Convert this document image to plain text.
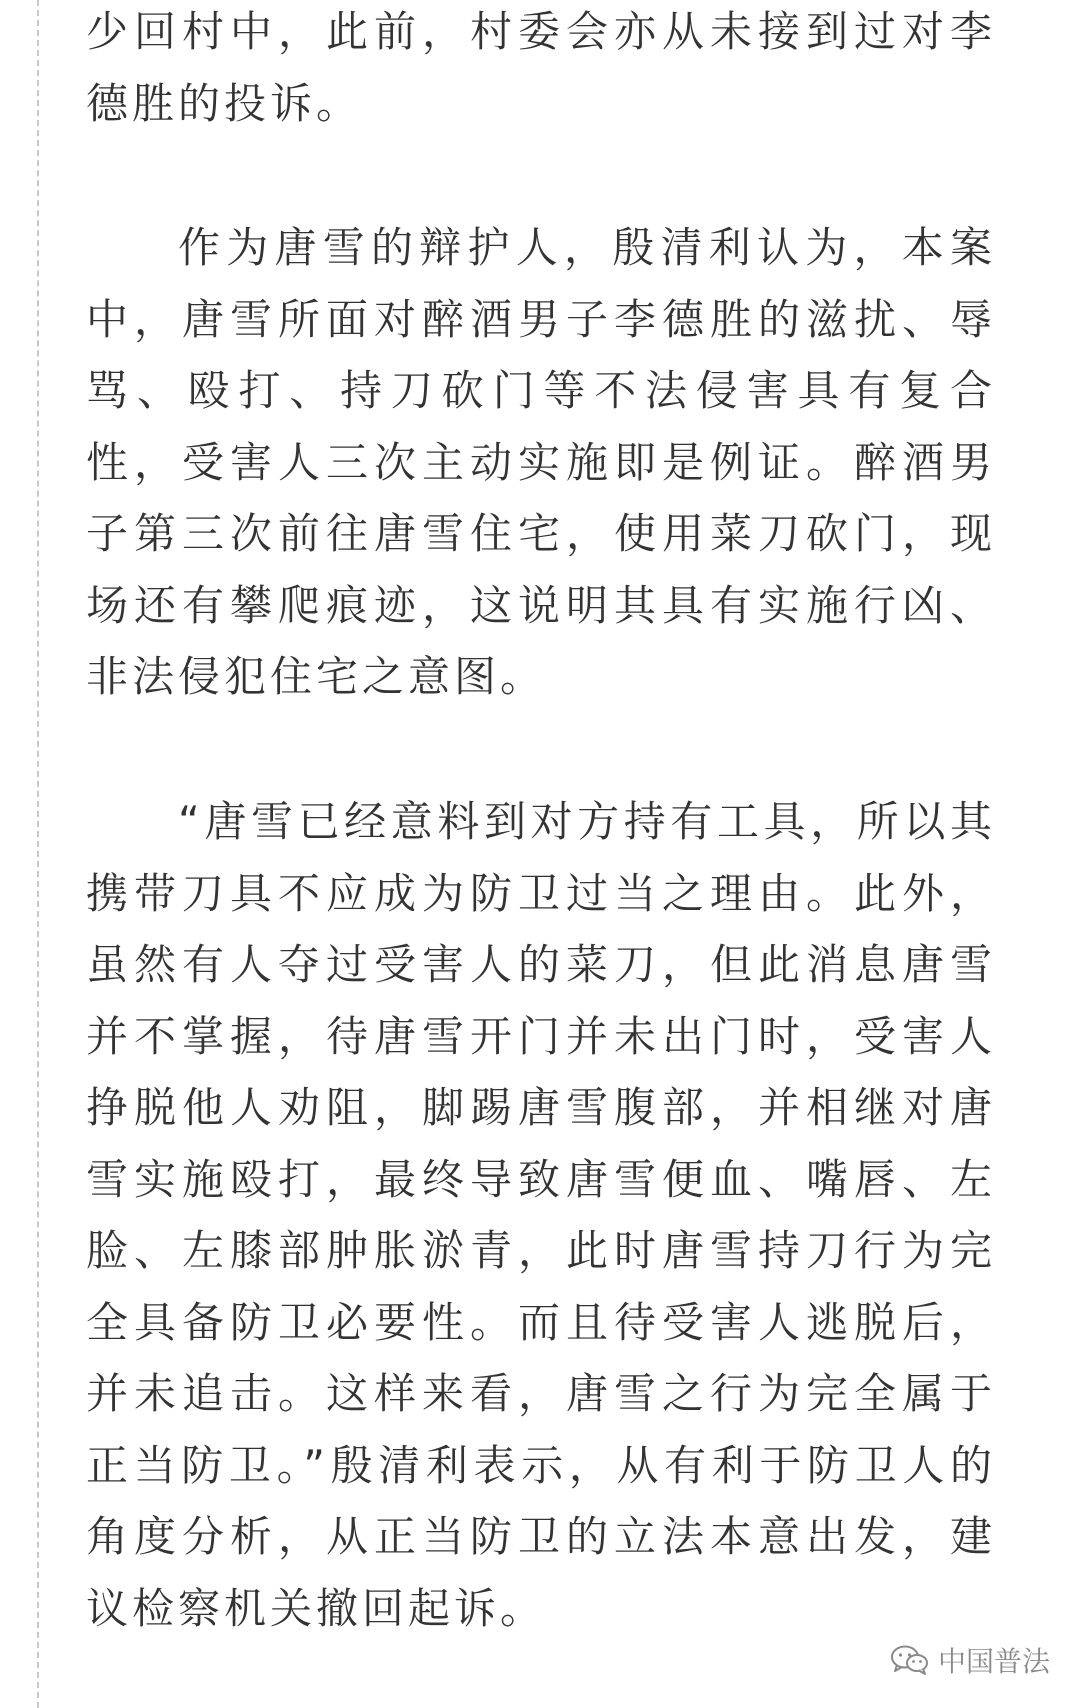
少回村中，此前，村委会亦从未接到过对李德胜的投诉。

作为唐雪的辩护人，殷清利认为，本案中，唐雪所面对醉酒男子李德胜的滋扰、辱骂、殴打、持刀砍门等不法侵害具有复合性，受害人三次主动实施即是例证。醉酒男子第三次前往唐雪住宅，使用菜刀砍门，现场还有攀爬痕迹，这说明其具有实施行凶、非法侵犯住宅之意图。

“唐雪已经意料到对方持有工具，所以其携带刀具不应成为防卫过当之理由。此外，虽然有人夺过受害人的菜刀，但此消息唐雪并不掌握，待唐雪开门并未出门时，受害人挣脱他人劝阻，脚踢唐雪腹部，并相继对唐雪实施殴打，最终导致唐雪便血、嘴唇、左脸、左膝部肿胀淤青，此时唐雪持刀行为完全具备防卫必要性。而且待受害人逃脱后，并未追击。这样来看，唐雪之行为完全属于正当防卫。”殷清利表示，从有利于防卫人的角度分析，从正当防卫的立法本意出发，建议检察机关撤回起诉。

中国普法
